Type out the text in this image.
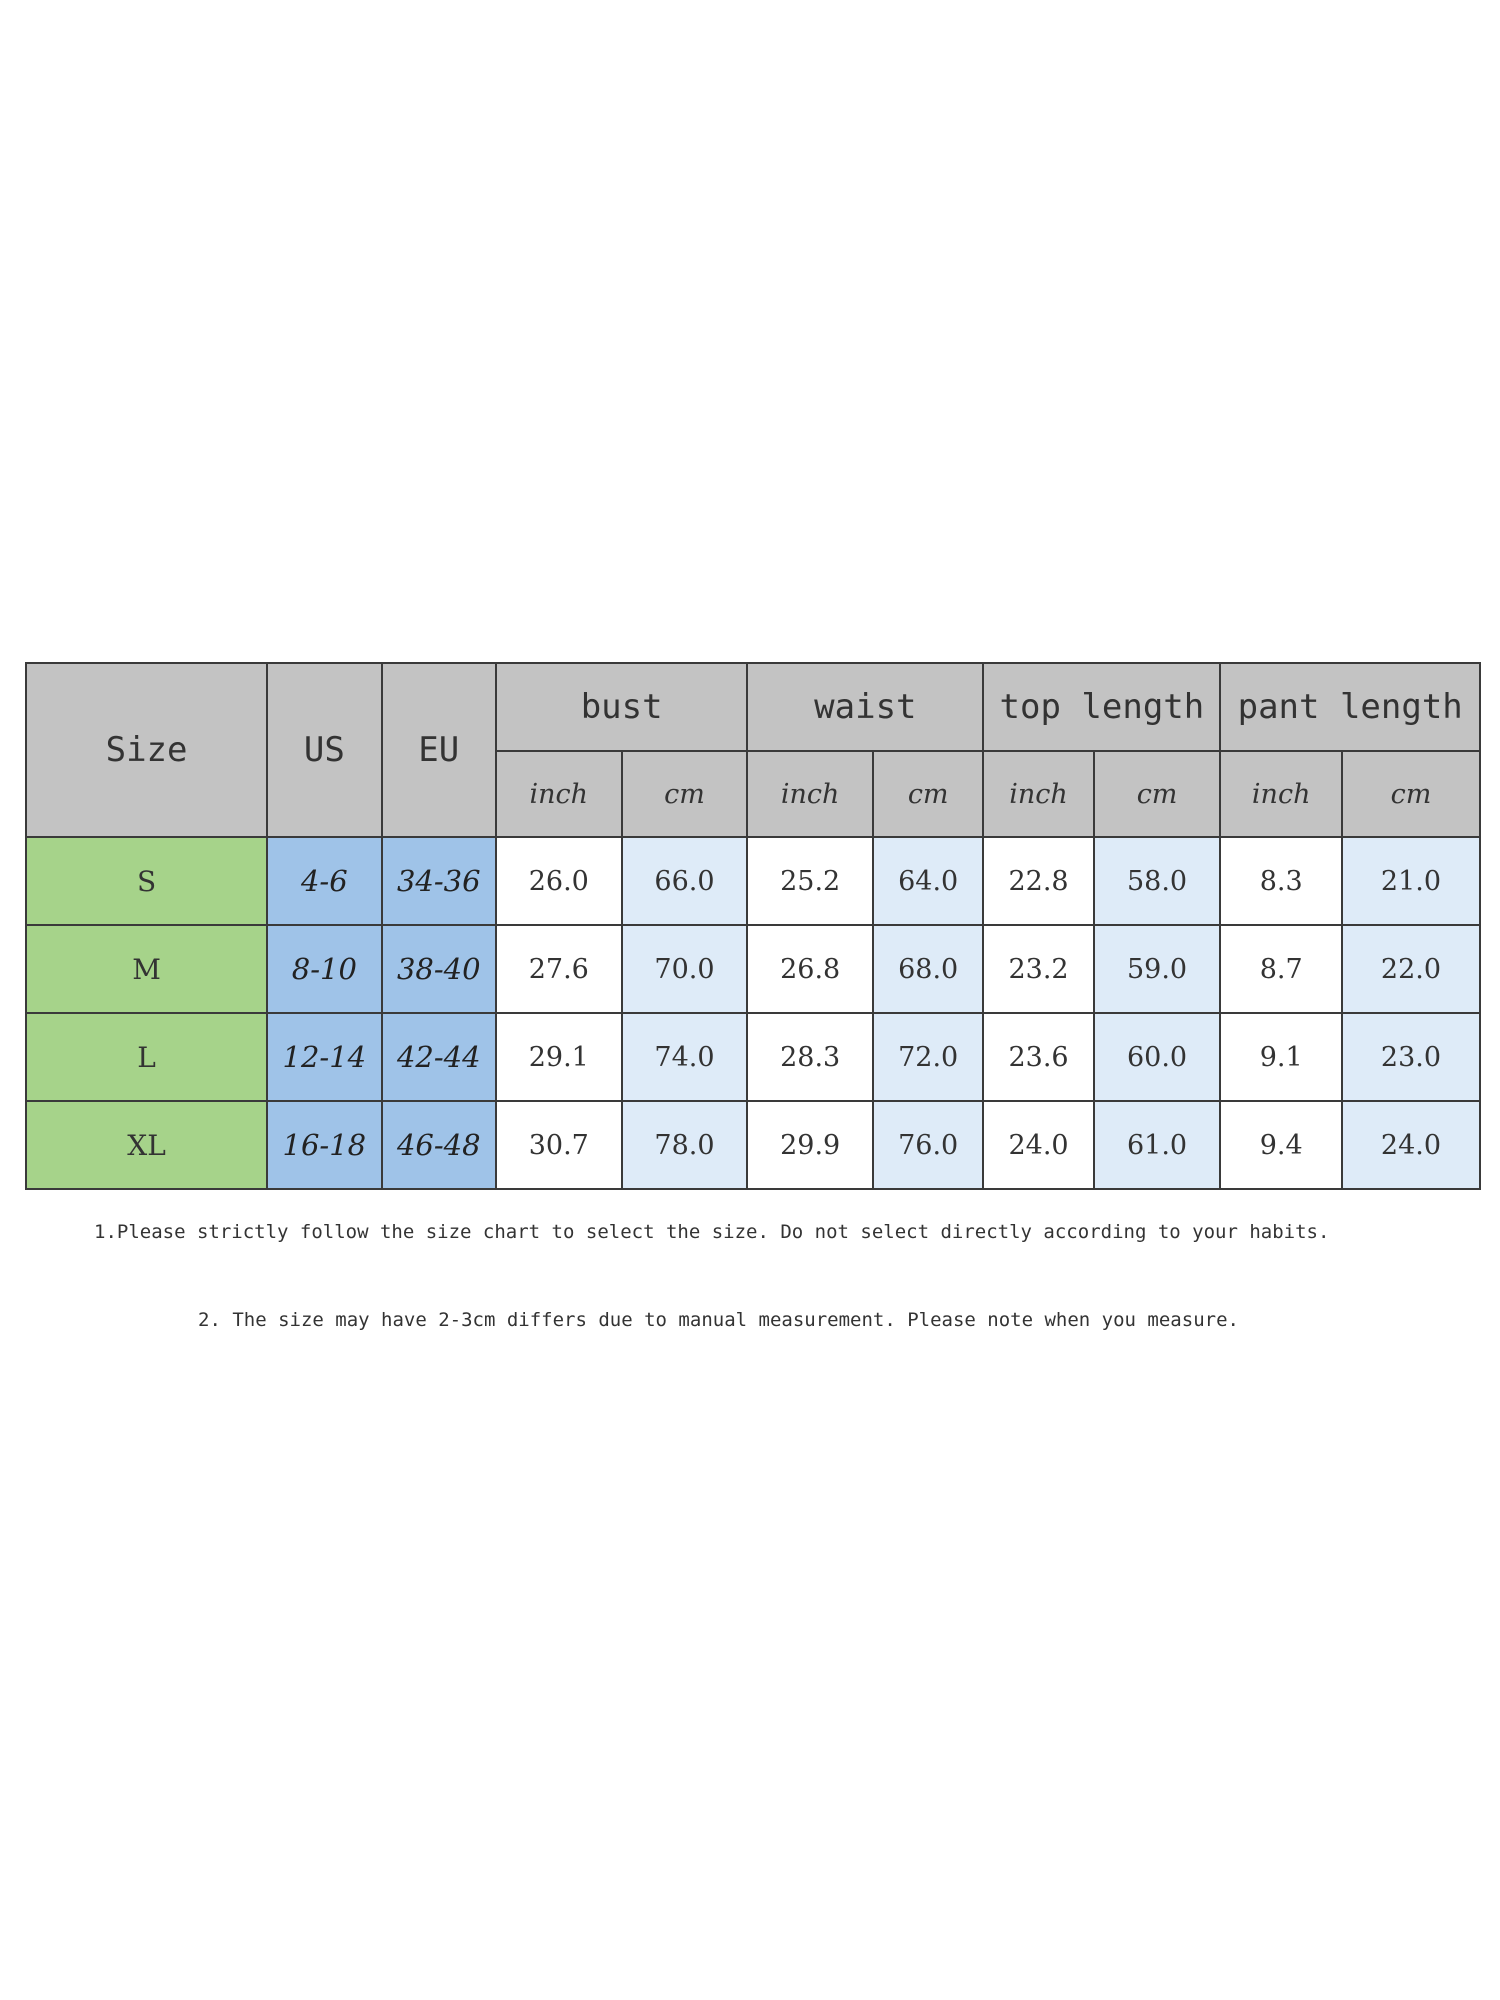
Size	US	EU	bust		waist		top length		pant length	
			inch	cm	inch	cm	inch	cm	inch	cm
S	4-6	34-36	26.0	66.0	25.2	64.0	22.8	58.0	8.3	21.0
M	8-10	38-40	27.6	70.0	26.8	68.0	23.2	59.0	8.7	22.0
L	12-14	42-44	29.1	74.0	28.3	72.0	23.6	60.0	9.1	23.0
XL	16-18	46-48	30.7	78.0	29.9	76.0	24.0	61.0	9.4	24.0
1.Please strictly follow the size chart to select the size. Do not select directly according to your habits.
2. The size may have 2-3cm differs due to manual measurement. Please note when you measure.
